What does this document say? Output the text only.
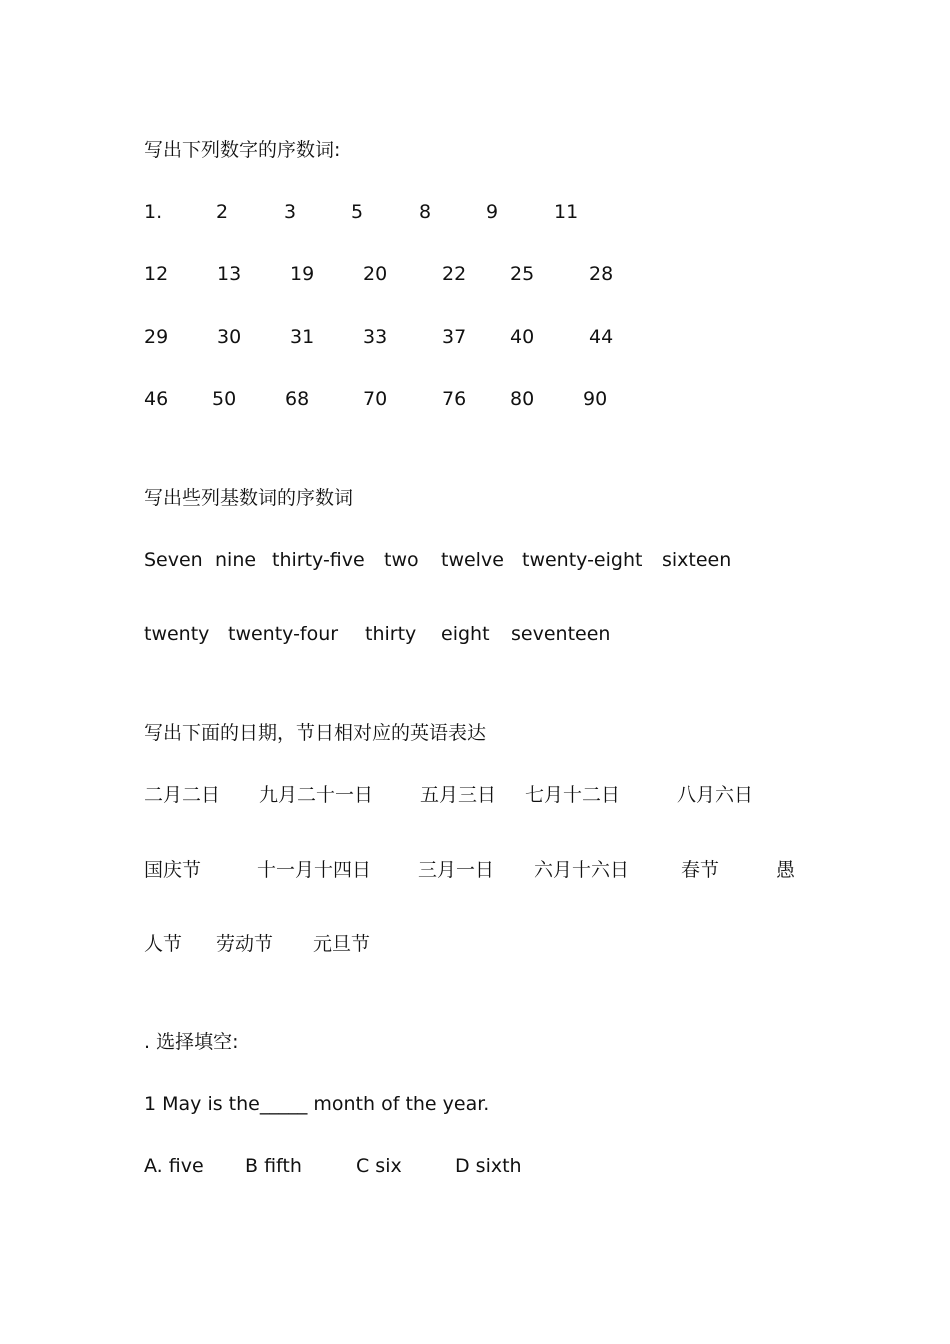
写出下列数字的序数词:
1.	2	3	5	8	9	11
12	13	19	20	22 25	28
29	30	31	33	37 40	44
46 50	68	70	76 80	90
写出些列基数词的序数词
Seven nine thirty-five two twelve twenty-eight sixteen
twenty twenty-four thirty eight seventeen
写出下面的日期，节日相对应的英语表达
二月二日 九月二十一日 五月三日 七月十二日	八月六日
国庆节	十一月十四日 三月一日 六月十六日	春节	愚
人节 劳动节 元旦节
. 选择填空:
1 May is the_____ month of the year.
A. five B fifth	C six	D sixth
